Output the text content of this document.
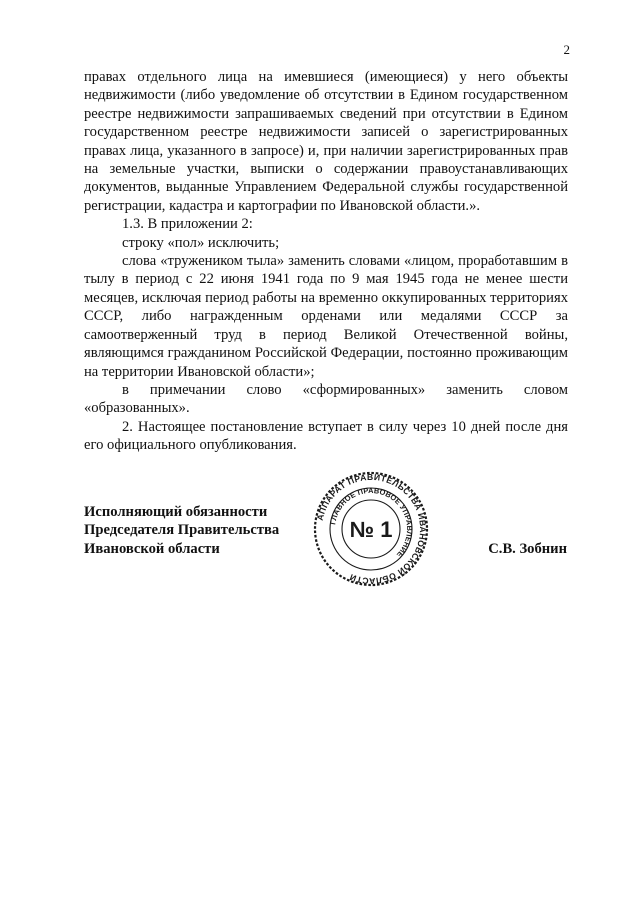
2

правах отдельного лица на имевшиеся (имеющиеся) у него объекты недвижимости (либо уведомление об отсутствии в Едином государственном реестре недвижимости запрашиваемых сведений при отсутствии в Едином государственном реестре недвижимости записей о зарегистрированных правах лица, указанного в запросе) и, при наличии зарегистрированных прав на земельные участки, выписки о содержании правоустанавливающих документов, выданные Управлением Федеральной службы государственной регистрации, кадастра и картографии по Ивановской области.».

1.3. В приложении 2:

строку «пол» исключить;

слова «тружеником тыла» заменить словами «лицом, проработавшим в тылу в период с 22 июня 1941 года по 9 мая 1945 года не менее шести месяцев, исключая период работы на временно оккупированных территориях СССР, либо награжденным орденами или медалями СССР за самоотверженный труд в период Великой Отечественной войны, являющимся гражданином Российской Федерации, постоянно проживающим на территории Ивановской области»;

в примечании слово «сформированных» заменить словом «образованных».

2. Настоящее постановление вступает в силу через 10 дней после дня его официального опубликования.

Исполняющий обязанности
Председателя Правительства
Ивановской области
АППАРАТ ПРАВИТЕЛЬСТВА ИВАНОВСКОЙ ОБЛАСТИ
ГЛАВНОЕ ПРАВОВОЕ УПРАВЛЕНИЕ
№ 1
С.В. Зобнин
